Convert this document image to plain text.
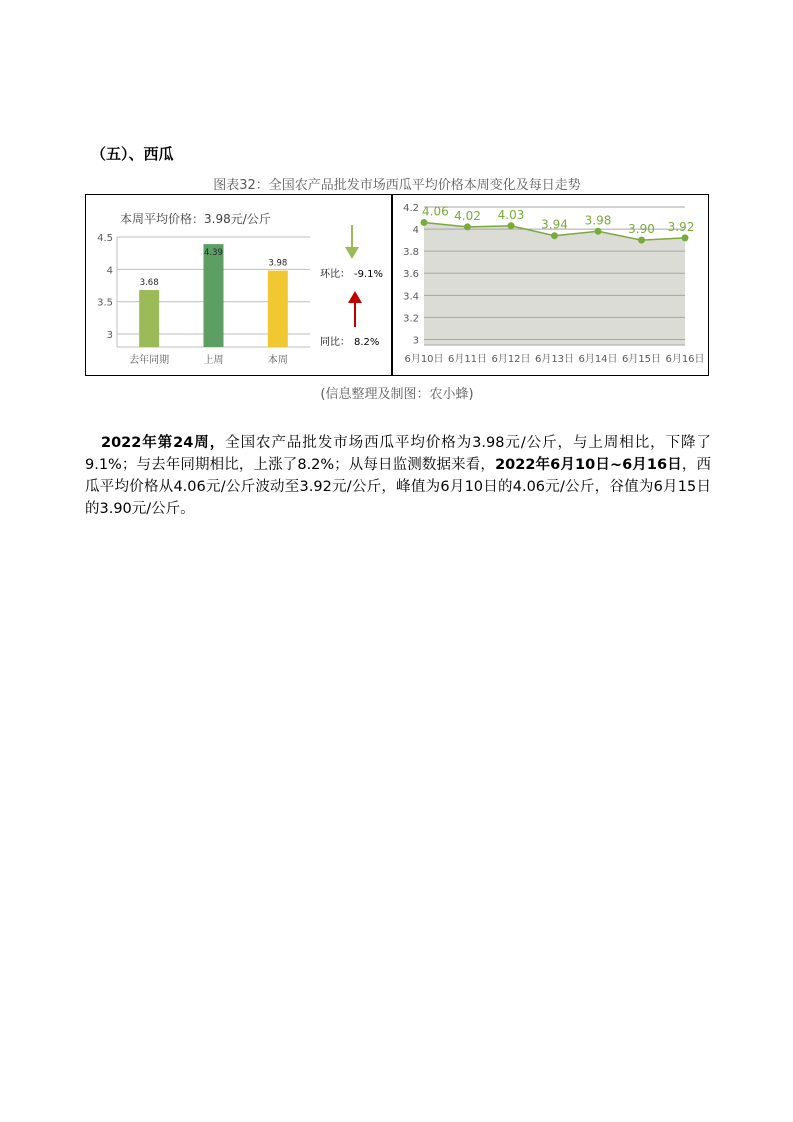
（五）、西瓜
图表32：全国农产品批发市场西瓜平均价格本周变化及每日走势
本周平均价格：3.98元/公斤
3
3.5
4
4.5
3.68
去年同期
4.39
上周
3.98
本周
环比： -9.1%
同比： 8.2%	3
3.2
3.4
3.6
3.8
4
4.2 4.06
6月10日
4.02
6月11日
4.03
6月12日
3.94
6月13日
3.98
6月14日
3.90
6月15日
3.92
6月16日
(信息整理及制图：农小蜂)

2022年第24周，全国农产品批发市场西瓜平均价格为3.98元/公斤，与上周相比，下降了9.1%；与去年同期相比，上涨了8.2%；从每日监测数据来看，2022年6月10日~6月16日，西瓜平均价格从4.06元/公斤波动至3.92元/公斤，峰值为6月10日的4.06元/公斤，谷值为6月15日的3.90元/公斤。
